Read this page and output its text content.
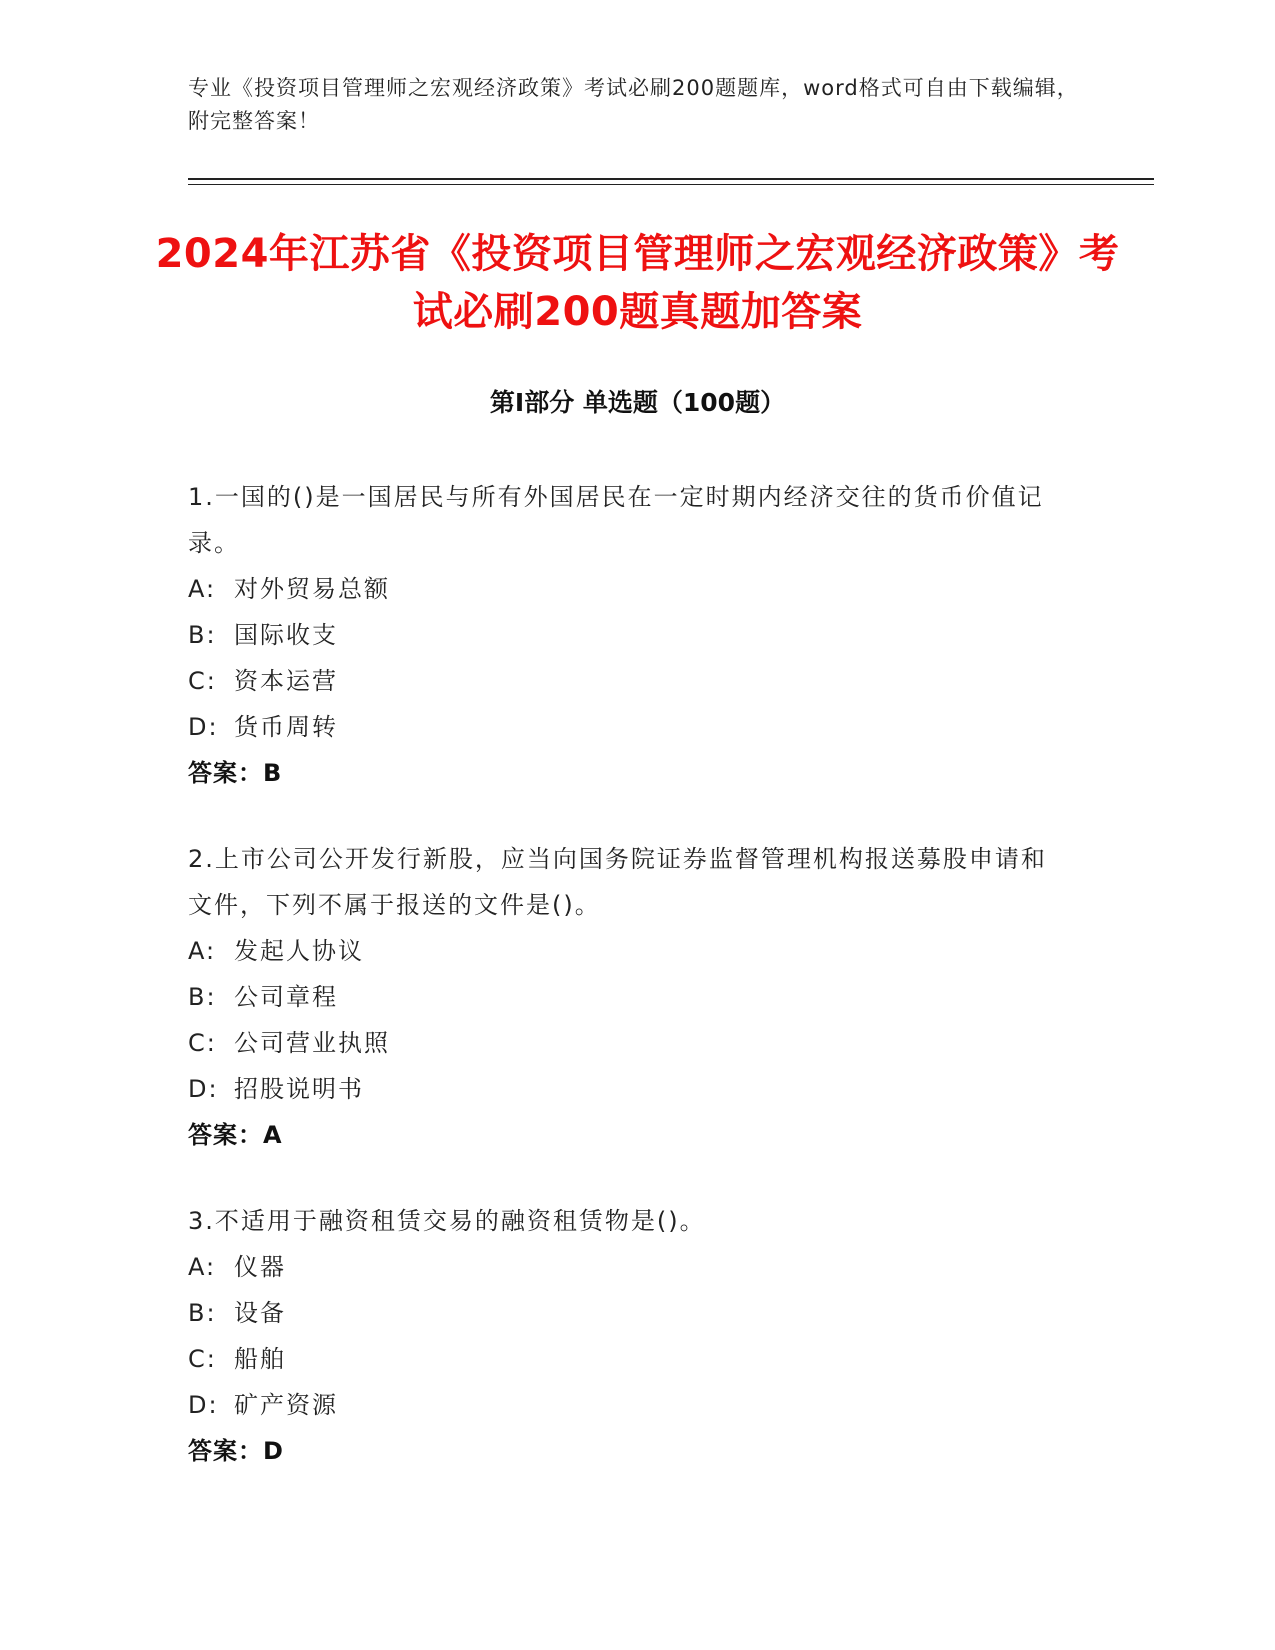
专业《投资项目管理师之宏观经济政策》考试必刷200题题库，word格式可自由下载编辑，附完整答案！
2024年江苏省《投资项目管理师之宏观经济政策》考试必刷200题真题加答案
第I部分 单选题（100题）
1.一国的()是一国居民与所有外国居民在一定时期内经济交往的货币价值记录。
A: 对外贸易总额
B: 国际收支
C: 资本运营
D: 货币周转
答案：B
2.上市公司公开发行新股，应当向国务院证券监督管理机构报送募股申请和文件，下列不属于报送的文件是()。
A: 发起人协议
B: 公司章程
C: 公司营业执照
D: 招股说明书
答案：A
3.不适用于融资租赁交易的融资租赁物是()。
A: 仪器
B: 设备
C: 船舶
D: 矿产资源
答案：D
